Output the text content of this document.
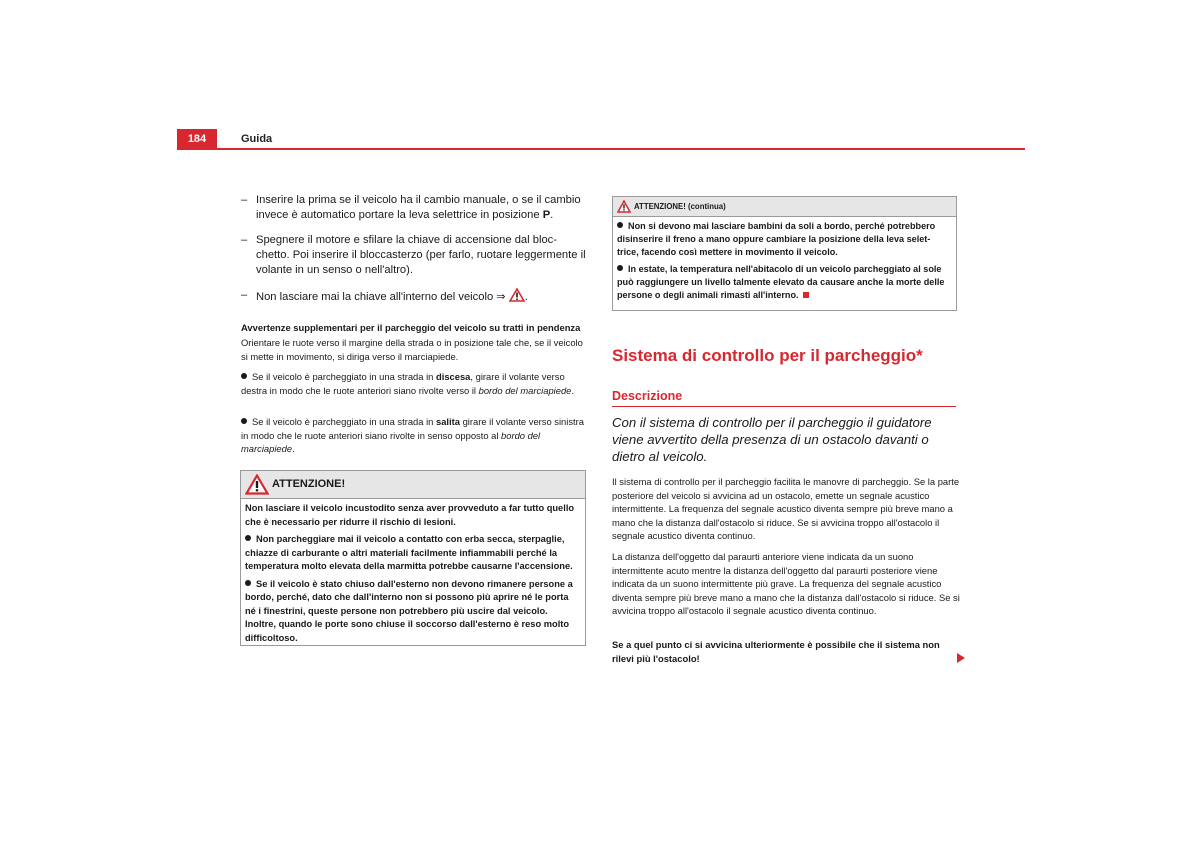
184	Guida
– Inserire la prima se il veicolo ha il cambio manuale, o se il cambio invece è automatico portare la leva selettrice in posizione P.
– Spegnere il motore e sfilare la chiave di accensione dal bloc-chetto. Poi inserire il bloccasterzo (per farlo, ruotare leggermente il volante in un senso o nell'altro).
– Non lasciare mai la chiave all'interno del veicolo ⇒ .
Avvertenze supplementari per il parcheggio del veicolo su tratti in pendenza
Orientare le ruote verso il margine della strada o in posizione tale che, se il veicolo si mette in movimento, si diriga verso il marciapiede.
Se il veicolo è parcheggiato in una strada in discesa, girare il volante verso destra in modo che le ruote anteriori siano rivolte verso il bordo del marciapiede.
Se il veicolo è parcheggiato in una strada in salita girare il volante verso sinistra in modo che le ruote anteriori siano rivolte in senso opposto al bordo del marciapiede.
ATTENZIONE!

Non lasciare il veicolo incustodito senza aver provveduto a far tutto quello che è necessario per ridurre il rischio di lesioni.

Non parcheggiare mai il veicolo a contatto con erba secca, sterpaglie, chiazze di carburante o altri materiali facilmente infiammabili perché la temperatura molto elevata della marmitta potrebbe causarne l'accensione.

Se il veicolo è stato chiuso dall'esterno non devono rimanere persone a bordo, perché, dato che dall'interno non si possono più aprire né le porta né i finestrini, queste persone non potrebbero più uscire dal veicolo. Inoltre, quando le porte sono chiuse il soccorso dall'esterno è reso molto difficoltoso.

ATTENZIONE! (continua)

Non si devono mai lasciare bambini da soli a bordo, perché potrebbero disinserire il freno a mano oppure cambiare la posizione della leva selet-trice, facendo così mettere in movimento il veicolo.

In estate, la temperatura nell'abitacolo di un veicolo parcheggiato al sole può raggiungere un livello talmente elevato da causare anche la morte delle persone o degli animali rimasti all'interno.

Sistema di controllo per il parcheggio*
Descrizione
Con il sistema di controllo per il parcheggio il guidatore viene avvertito della presenza di un ostacolo davanti o dietro al veicolo.
Il sistema di controllo per il parcheggio facilita le manovre di parcheggio. Se la parte posteriore del veicolo si avvicina ad un ostacolo, emette un segnale acustico intermittente. La frequenza del segnale acustico diventa sempre più breve mano a mano che la distanza dall'ostacolo si riduce. Se si avvicina troppo all'ostacolo il segnale acustico diventa continuo.
La distanza dell'oggetto dal paraurti anteriore viene indicata da un suono intermittente acuto mentre la distanza dell'oggetto dal paraurti posteriore viene indicata da un suono intermittente più grave. La frequenza del segnale acustico diventa sempre più breve mano a mano che la distanza dall'ostacolo si riduce. Se si avvicina troppo all'ostacolo il segnale acustico diventa continuo.
Se a quel punto ci si avvicina ulteriormente è possibile che il sistema non rilevi più l'ostacolo!
